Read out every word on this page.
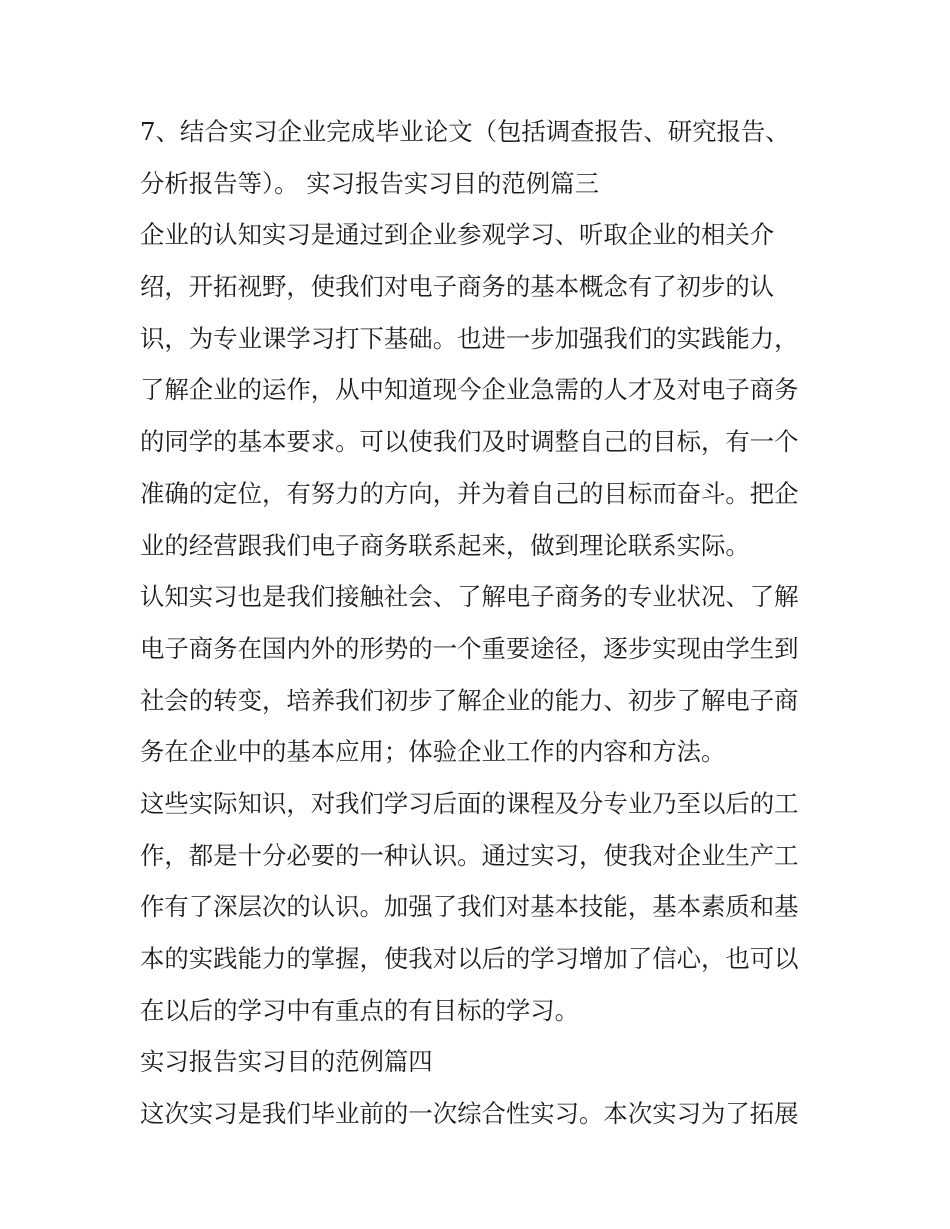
7、结合实习企业完成毕业论文（包括调查报告、研究报告、
分析报告等）。 实习报告实习目的范例篇三
企业的认知实习是通过到企业参观学习、听取企业的相关介
绍，开拓视野，使我们对电子商务的基本概念有了初步的认
识，为专业课学习打下基础。也进一步加强我们的实践能力，
了解企业的运作，从中知道现今企业急需的人才及对电子商务
的同学的基本要求。可以使我们及时调整自己的目标，有一个
准确的定位，有努力的方向，并为着自己的目标而奋斗。把企
业的经营跟我们电子商务联系起来，做到理论联系实际。
认知实习也是我们接触社会、了解电子商务的专业状况、了解
电子商务在国内外的形势的一个重要途径，逐步实现由学生到
社会的转变，培养我们初步了解企业的能力、初步了解电子商
务在企业中的基本应用；体验企业工作的内容和方法。
这些实际知识，对我们学习后面的课程及分专业乃至以后的工
作，都是十分必要的一种认识。通过实习，使我对企业生产工
作有了深层次的认识。加强了我们对基本技能，基本素质和基
本的实践能力的掌握，使我对以后的学习增加了信心，也可以
在以后的学习中有重点的有目标的学习。
实习报告实习目的范例篇四
这次实习是我们毕业前的一次综合性实习。本次实习为了拓展
